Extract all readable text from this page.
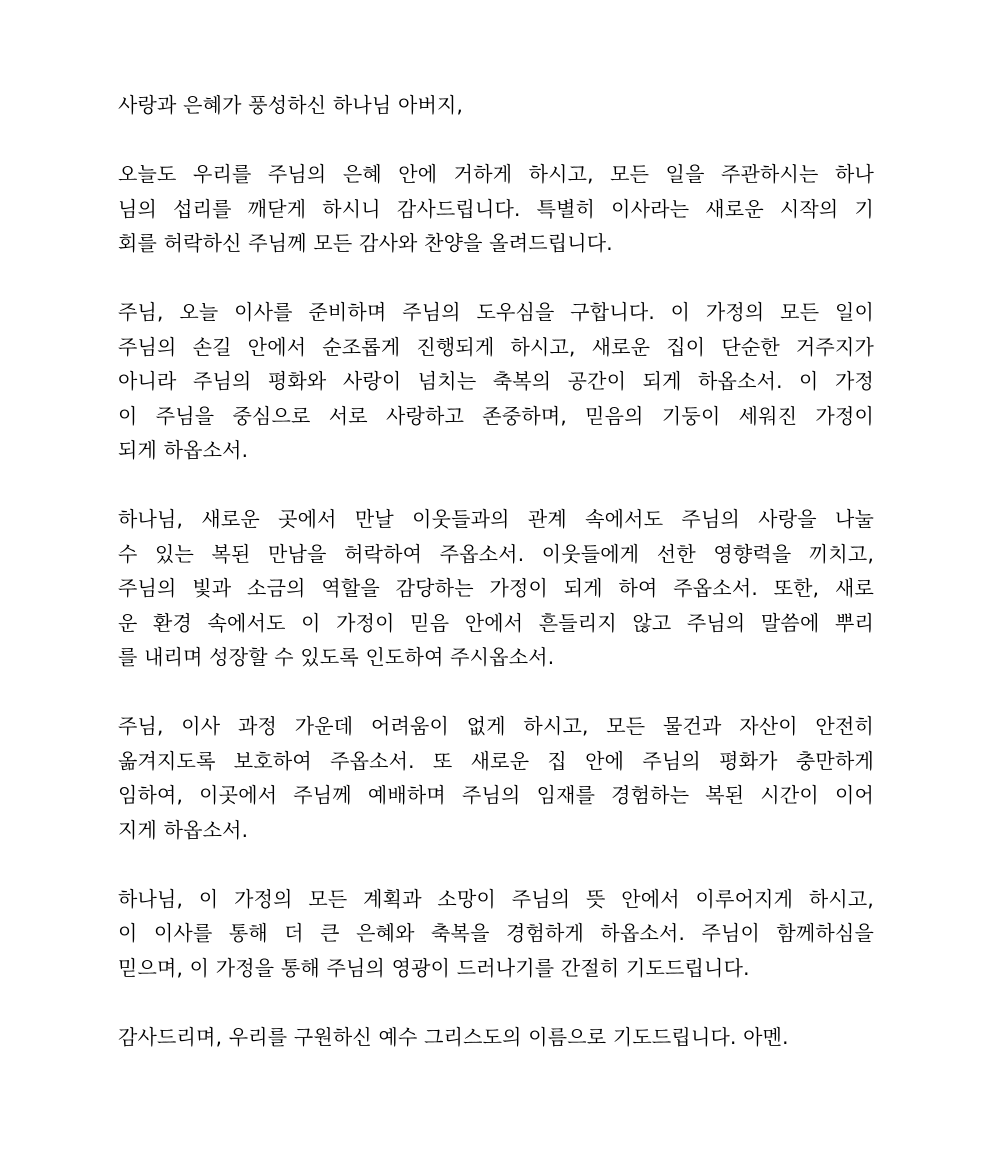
사랑과 은혜가 풍성하신 하나님 아버지,

오늘도 우리를 주님의 은혜 안에 거하게 하시고, 모든 일을 주관하시는 하나
님의 섭리를 깨닫게 하시니 감사드립니다. 특별히 이사라는 새로운 시작의 기
회를 허락하신 주님께 모든 감사와 찬양을 올려드립니다.

주님, 오늘 이사를 준비하며 주님의 도우심을 구합니다. 이 가정의 모든 일이
주님의 손길 안에서 순조롭게 진행되게 하시고, 새로운 집이 단순한 거주지가
아니라 주님의 평화와 사랑이 넘치는 축복의 공간이 되게 하옵소서. 이 가정
이 주님을 중심으로 서로 사랑하고 존중하며, 믿음의 기둥이 세워진 가정이
되게 하옵소서.

하나님, 새로운 곳에서 만날 이웃들과의 관계 속에서도 주님의 사랑을 나눌
수 있는 복된 만남을 허락하여 주옵소서. 이웃들에게 선한 영향력을 끼치고,
주님의 빛과 소금의 역할을 감당하는 가정이 되게 하여 주옵소서. 또한, 새로
운 환경 속에서도 이 가정이 믿음 안에서 흔들리지 않고 주님의 말씀에 뿌리
를 내리며 성장할 수 있도록 인도하여 주시옵소서.

주님, 이사 과정 가운데 어려움이 없게 하시고, 모든 물건과 자산이 안전히
옮겨지도록 보호하여 주옵소서. 또 새로운 집 안에 주님의 평화가 충만하게
임하여, 이곳에서 주님께 예배하며 주님의 임재를 경험하는 복된 시간이 이어
지게 하옵소서.

하나님, 이 가정의 모든 계획과 소망이 주님의 뜻 안에서 이루어지게 하시고,
이 이사를 통해 더 큰 은혜와 축복을 경험하게 하옵소서. 주님이 함께하심을
믿으며, 이 가정을 통해 주님의 영광이 드러나기를 간절히 기도드립니다.

감사드리며, 우리를 구원하신 예수 그리스도의 이름으로 기도드립니다. 아멘.
